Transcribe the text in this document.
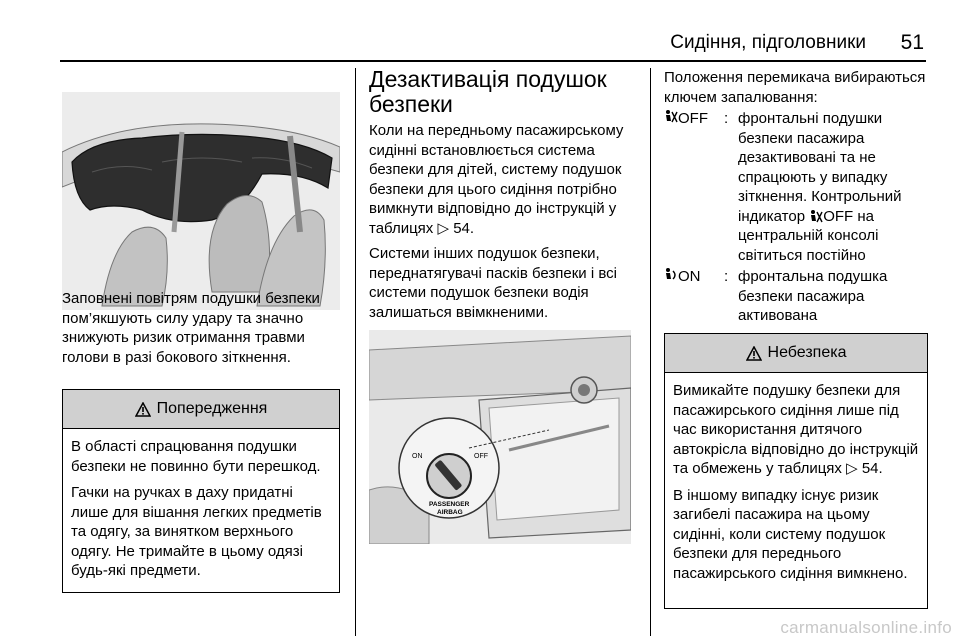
Сидіння, підголовники 51
Заповнені повітрям подушки безпеки пом’якшують силу удару та значно знижують ризик отримання травми голови в разі бокового зіткнення.
Попередження

В області спрацювання подушки безпеки не повинно бути перешкод.

Гачки на ручках в даху придатні лише для вішання легких предметів та одягу, за винятком верхнього одягу. Не тримайте в цьому одязі будь-які предмети.

Дезактивація подушок безпеки
Коли на передньому пасажирському сидінні встановлюється система безпеки для дітей, систему подушок безпеки для цього сидіння потрібно вимкнути відповідно до інструкцій у таблицях ▷ 54.
Системи інших подушок безпеки, переднатягувачі пасків безпеки і всі системи подушок безпеки водія залишаться ввімкненими.
ON	OFF
PASSENGER
AIRBAG
Положення перемикача вибираються ключем запалювання:
OFF : фронтальні подушки безпеки пасажира дезактивовані та не спрацюють у випадку зіткнення. Контрольний індикатор OFF на центральній консолі світиться постійно
ON : фронтальна подушка безпеки пасажира активована
Небезпека

Вимикайте подушку безпеки для пасажирського сидіння лише під час використання дитячого автокрісла відповідно до інструкцій та обмежень у таблицях ▷ 54.

В іншому випадку існує ризик загибелі пасажира на цьому сидінні, коли систему подушок безпеки для переднього пасажирського сидіння вимкнено.

carmanualsonline.info
